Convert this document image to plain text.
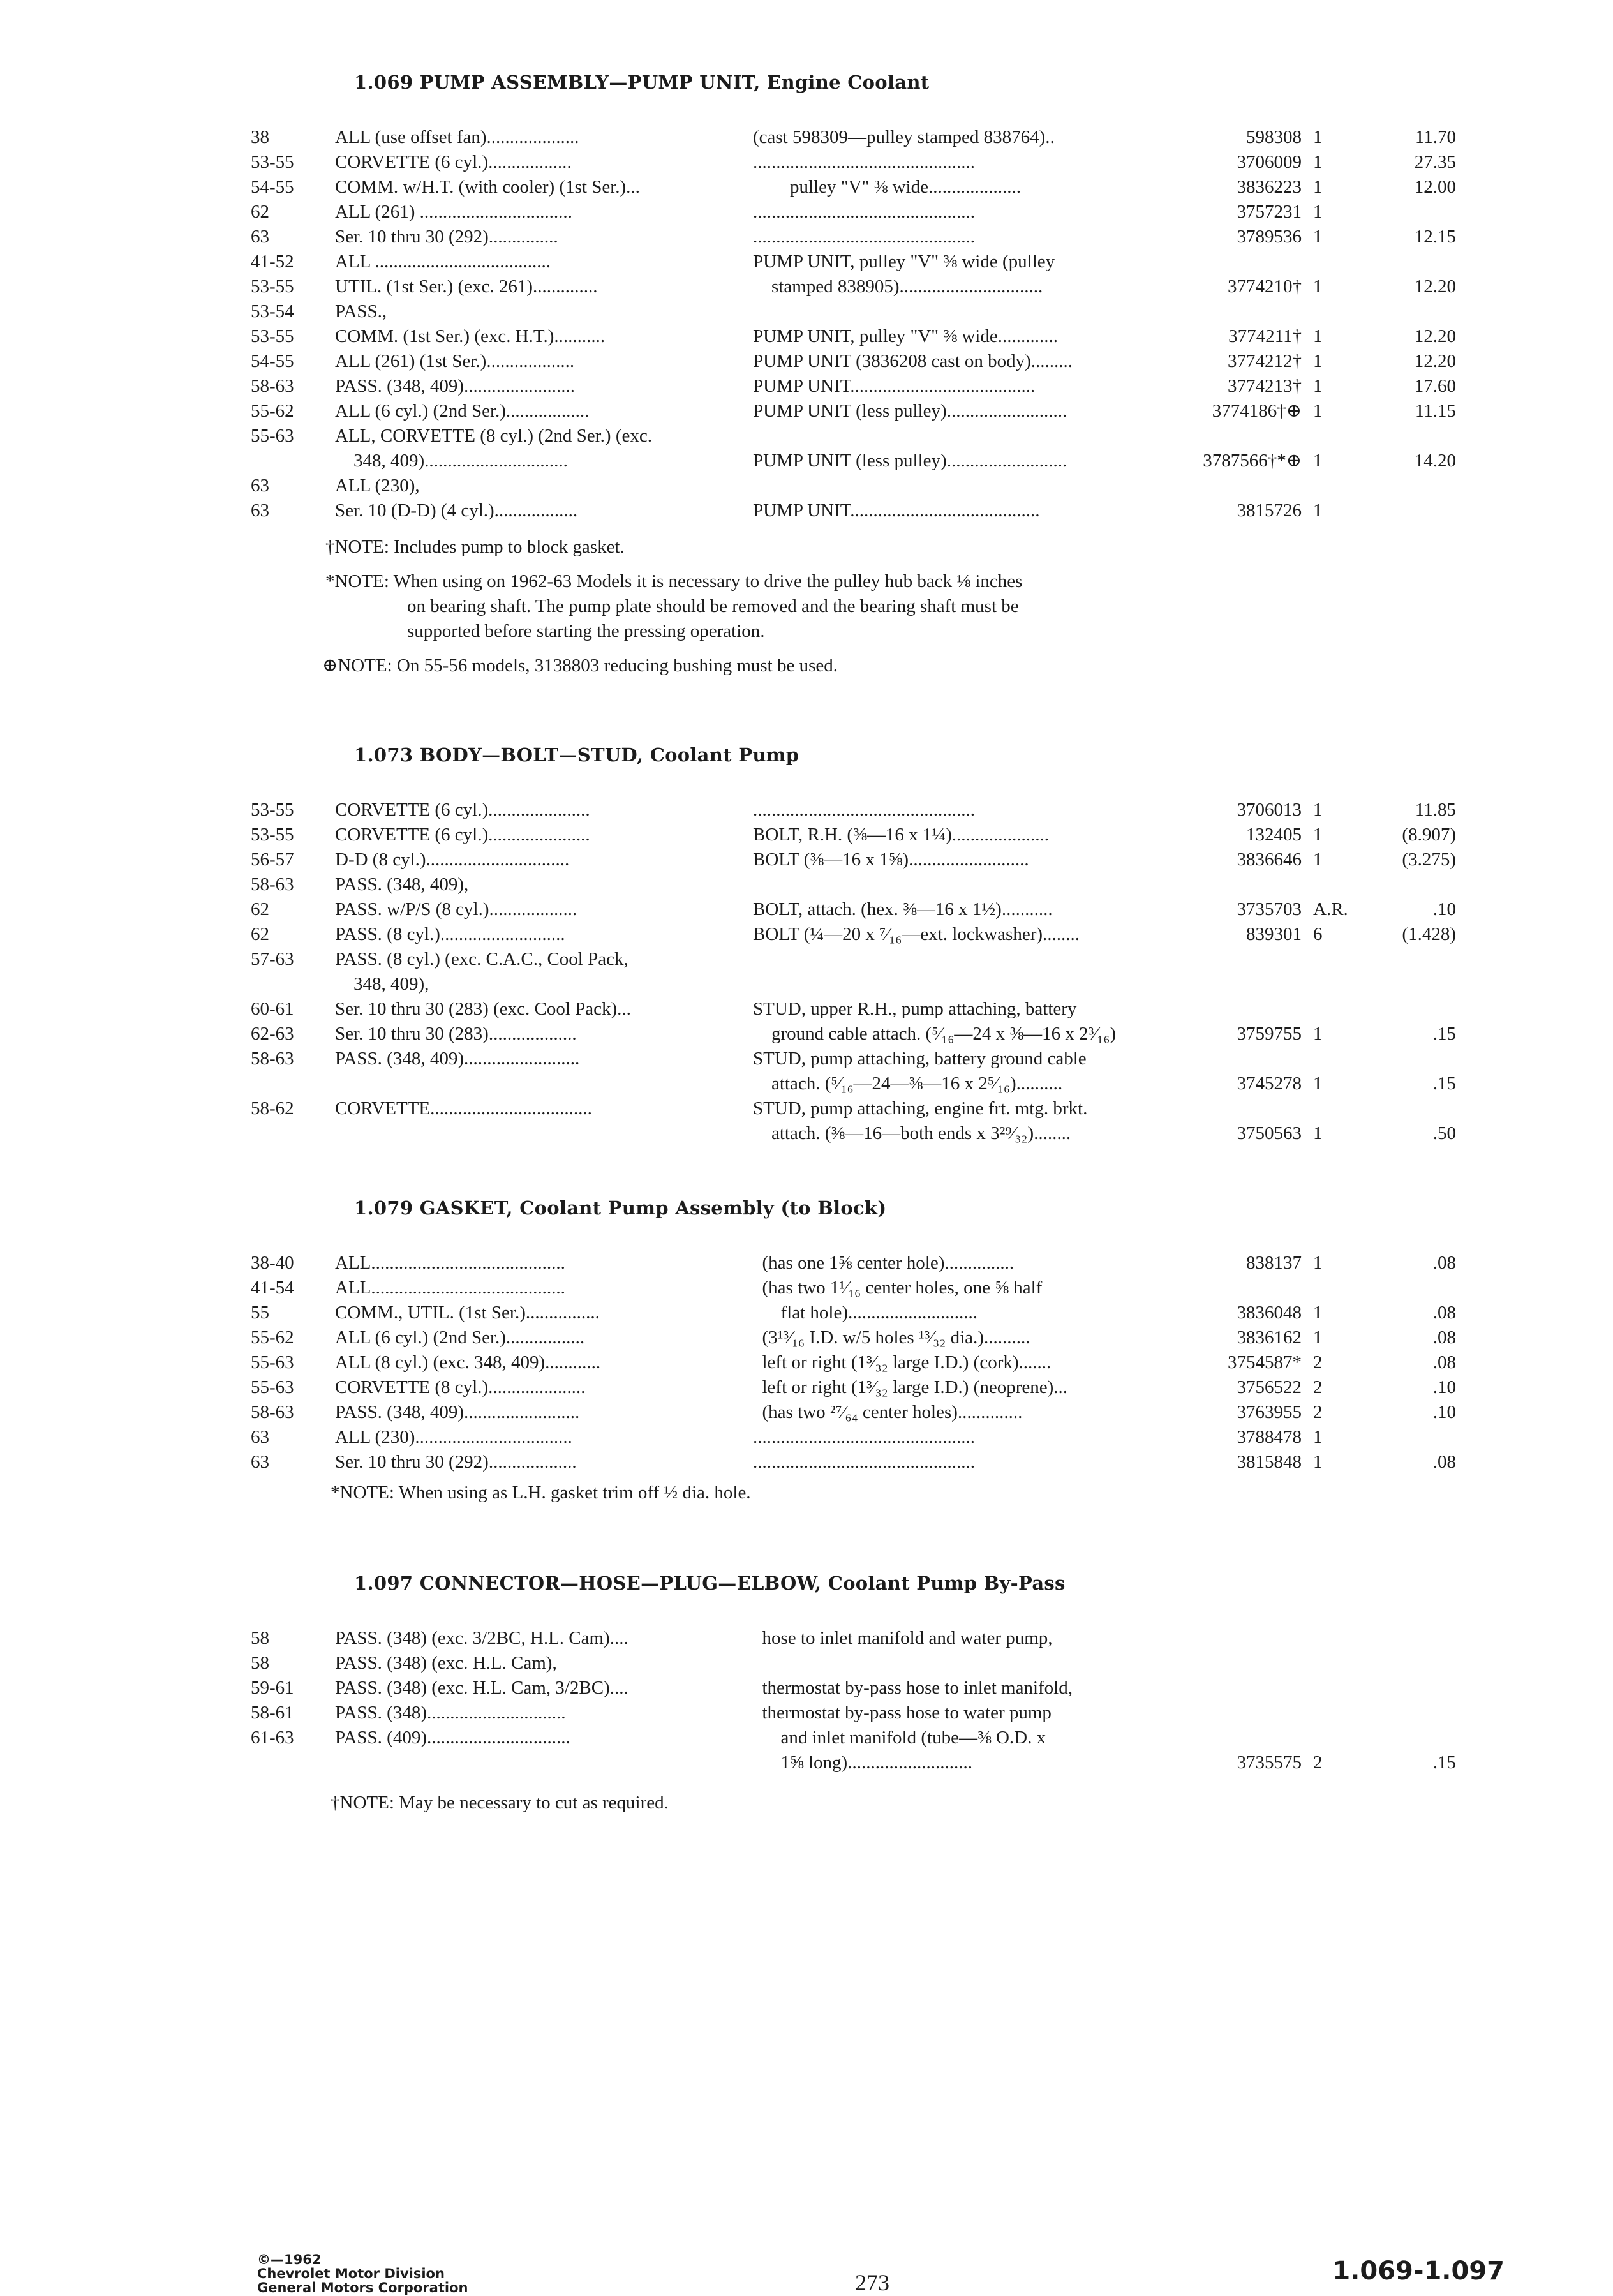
1.069 PUMP ASSEMBLY—PUMP UNIT, Engine Coolant
38	ALL (use offset fan)....................	(cast 598309—pulley stamped 838764)..	598308 1	11.70
53-55	CORVETTE (6 cyl.)..................	................................................	3706009 1	27.35
54-55	COMM. w/H.T. (with cooler) (1st Ser.)...	pulley "V" ⅜ wide....................	3836223 1	12.00
62	ALL (261) .................................	................................................	3757231 1
63	Ser. 10 thru 30 (292)...............	................................................	3789536 1	12.15
41-52	ALL ......................................	PUMP UNIT, pulley "V" ⅜ wide (pulley
53-55	UTIL. (1st Ser.) (exc. 261)..............	stamped 838905)...............................	3774210† 1	12.20
53-54	PASS.,
53-55	COMM. (1st Ser.) (exc. H.T.)...........	PUMP UNIT, pulley "V" ⅜ wide.............	3774211† 1	12.20
54-55	ALL (261) (1st Ser.)...................	PUMP UNIT (3836208 cast on body).........	3774212† 1	12.20
58-63	PASS. (348, 409)........................	PUMP UNIT........................................	3774213† 1	17.60
55-62	ALL (6 cyl.) (2nd Ser.)..................	PUMP UNIT (less pulley)..........................	3774186†⊕ 1	11.15
55-63	ALL, CORVETTE (8 cyl.) (2nd Ser.) (exc.
348, 409)...............................	PUMP UNIT (less pulley)..........................	3787566†*⊕ 1	14.20
63	ALL (230),
63	Ser. 10 (D-D) (4 cyl.)..................	PUMP UNIT.........................................	3815726 1
†NOTE: Includes pump to block gasket.
*NOTE: When using on 1962-63 Models it is necessary to drive the pulley hub back ⅛ inches
on bearing shaft. The pump plate should be removed and the bearing shaft must be
supported before starting the pressing operation.
⊕NOTE: On 55-56 models, 3138803 reducing bushing must be used.
1.073 BODY—BOLT—STUD, Coolant Pump
53-55	CORVETTE (6 cyl.)......................	................................................	3706013 1	11.85
53-55	CORVETTE (6 cyl.)......................	BOLT, R.H. (⅜—16 x 1¼).....................	132405 1	(8.907)
56-57	D-D (8 cyl.)...............................	BOLT (⅜—16 x 1⅝)..........................	3836646 1	(3.275)
58-63	PASS. (348, 409),
62	PASS. w/P/S (8 cyl.)...................	BOLT, attach. (hex. ⅜—16 x 1½)...........	3735703 A.R.	.10
62	PASS. (8 cyl.)...........................	BOLT (¼—20 x ⁷⁄₁₆—ext. lockwasher)........	839301 6	(1.428)
57-63	PASS. (8 cyl.) (exc. C.A.C., Cool Pack,
348, 409),
60-61	Ser. 10 thru 30 (283) (exc. Cool Pack)...	STUD, upper R.H., pump attaching, battery
62-63	Ser. 10 thru 30 (283)...................	ground cable attach. (⁵⁄₁₆—24 x ⅜—16 x 2³⁄₁₆)	3759755 1	.15
58-63	PASS. (348, 409).........................	STUD, pump attaching, battery ground cable
attach. (⁵⁄₁₆—24—⅜—16 x 2⁵⁄₁₆)..........	3745278 1	.15
58-62	CORVETTE...................................	STUD, pump attaching, engine frt. mtg. brkt.
attach. (⅜—16—both ends x 3²⁹⁄₃₂)........	3750563 1	.50
1.079 GASKET, Coolant Pump Assembly (to Block)
38-40	ALL..........................................	(has one 1⅝ center hole)...............	838137 1	.08
41-54	ALL..........................................	(has two 1¹⁄₁₆ center holes, one ⅝ half
55	COMM., UTIL. (1st Ser.)................	flat hole)............................	3836048 1	.08
55-62	ALL (6 cyl.) (2nd Ser.).................	(3¹³⁄₁₆ I.D. w/5 holes ¹³⁄₃₂ dia.)..........	3836162 1	.08
55-63	ALL (8 cyl.) (exc. 348, 409)............	left or right (1³⁄₃₂ large I.D.) (cork).......	3754587* 2	.08
55-63	CORVETTE (8 cyl.).....................	left or right (1³⁄₃₂ large I.D.) (neoprene)...	3756522 2	.10
58-63	PASS. (348, 409).........................	(has two ²⁷⁄₆₄ center holes)..............	3763955 2	.10
63	ALL (230)..................................	................................................	3788478 1
63	Ser. 10 thru 30 (292)...................	................................................	3815848 1	.08
*NOTE: When using as L.H. gasket trim off ½ dia. hole.
1.097 CONNECTOR—HOSE—PLUG—ELBOW, Coolant Pump By-Pass
58	PASS. (348) (exc. 3/2BC, H.L. Cam)....	hose to inlet manifold and water pump,
58	PASS. (348) (exc. H.L. Cam),
59-61	PASS. (348) (exc. H.L. Cam, 3/2BC)....	thermostat by-pass hose to inlet manifold,
58-61	PASS. (348)..............................	thermostat by-pass hose to water pump
61-63	PASS. (409)...............................	and inlet manifold (tube—⅜ O.D. x
1⅝ long)...........................	3735575 2	.15
†NOTE: May be necessary to cut as required.
©—1962
Chevrolet Motor Division
General Motors Corporation	273	1.069-1.097
